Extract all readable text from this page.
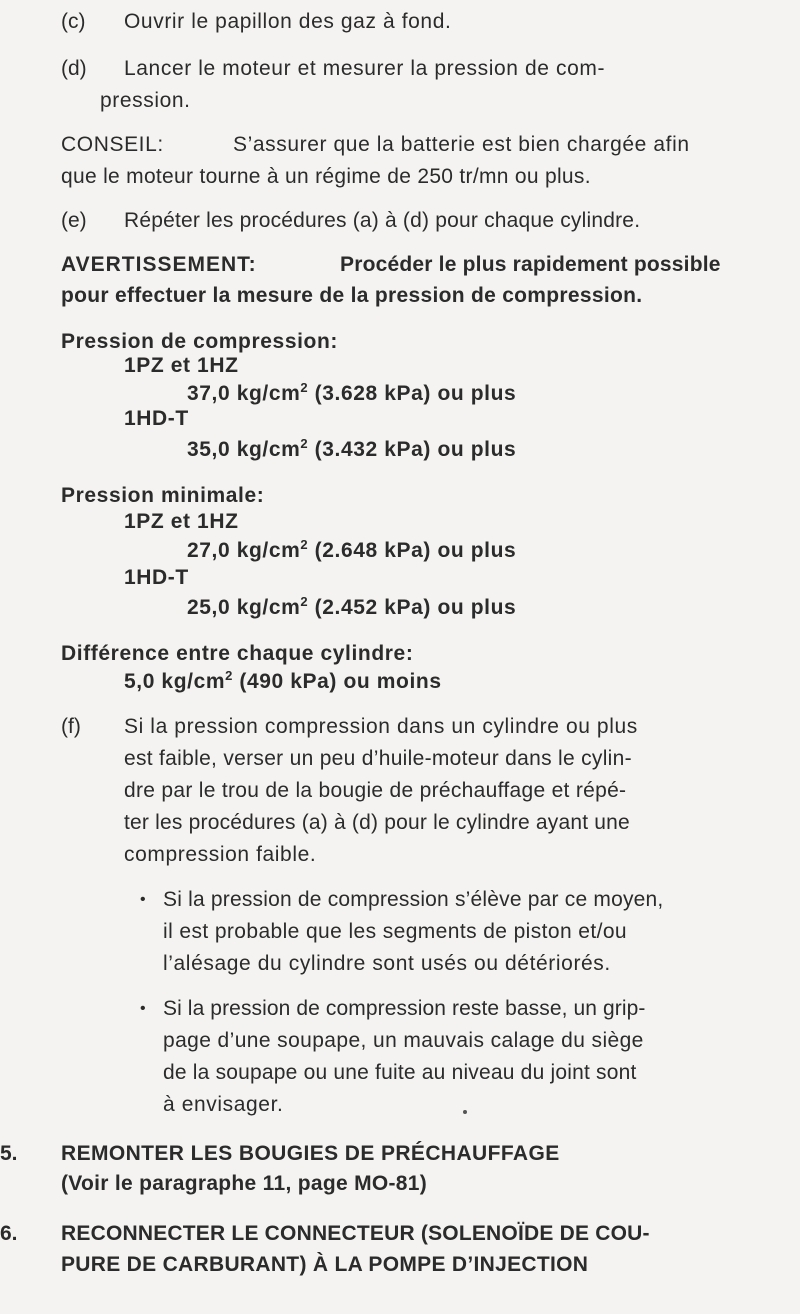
(c) Ouvrir le papillon des gaz à fond.
(d) Lancer le moteur et mesurer la pression de com-
pression.
CONSEIL:	S’assurer que la batterie est bien chargée afin
que le moteur tourne à un régime de 250 tr/mn ou plus.
(e) Répéter les procédures (a) à (d) pour chaque cylindre.
AVERTISSEMENT:	Procéder le plus rapidement possible
pour effectuer la mesure de la pression de compression.
Pression de compression:
1PZ et 1HZ
37,0 $kg/cm^2$ (3.628 kPa) ou plus
1HD-T
35,0 $kg/cm^2$ (3.432 kPa) ou plus
Pression minimale:
1PZ et 1HZ
27,0 $kg/cm^2$ (2.648 kPa) ou plus
1HD-T
25,0 $kg/cm^2$ (2.452 kPa) ou plus
Différence entre chaque cylindre:
5,0 $kg/cm^2$ (490 kPa) ou moins
(f) Si la pression compression dans un cylindre ou plus
est faible, verser un peu d’huile-moteur dans le cylin-
dre par le trou de la bougie de préchauffage et répé-
ter les procédures (a) à (d) pour le cylindre ayant une
compression faible.
• Si la pression de compression s’élève par ce moyen,
il est probable que les segments de piston et/ou
l’alésage du cylindre sont usés ou détériorés.
• Si la pression de compression reste basse, un grip-
page d’une soupape, un mauvais calage du siège
de la soupape ou une fuite au niveau du joint sont
à envisager.
5. REMONTER LES BOUGIES DE PRÉCHAUFFAGE
(Voir le paragraphe 11, page MO-81)
6. RECONNECTER LE CONNECTEUR (SOLENOÏDE DE COU-
PURE DE CARBURANT) À LA POMPE D’INJECTION
